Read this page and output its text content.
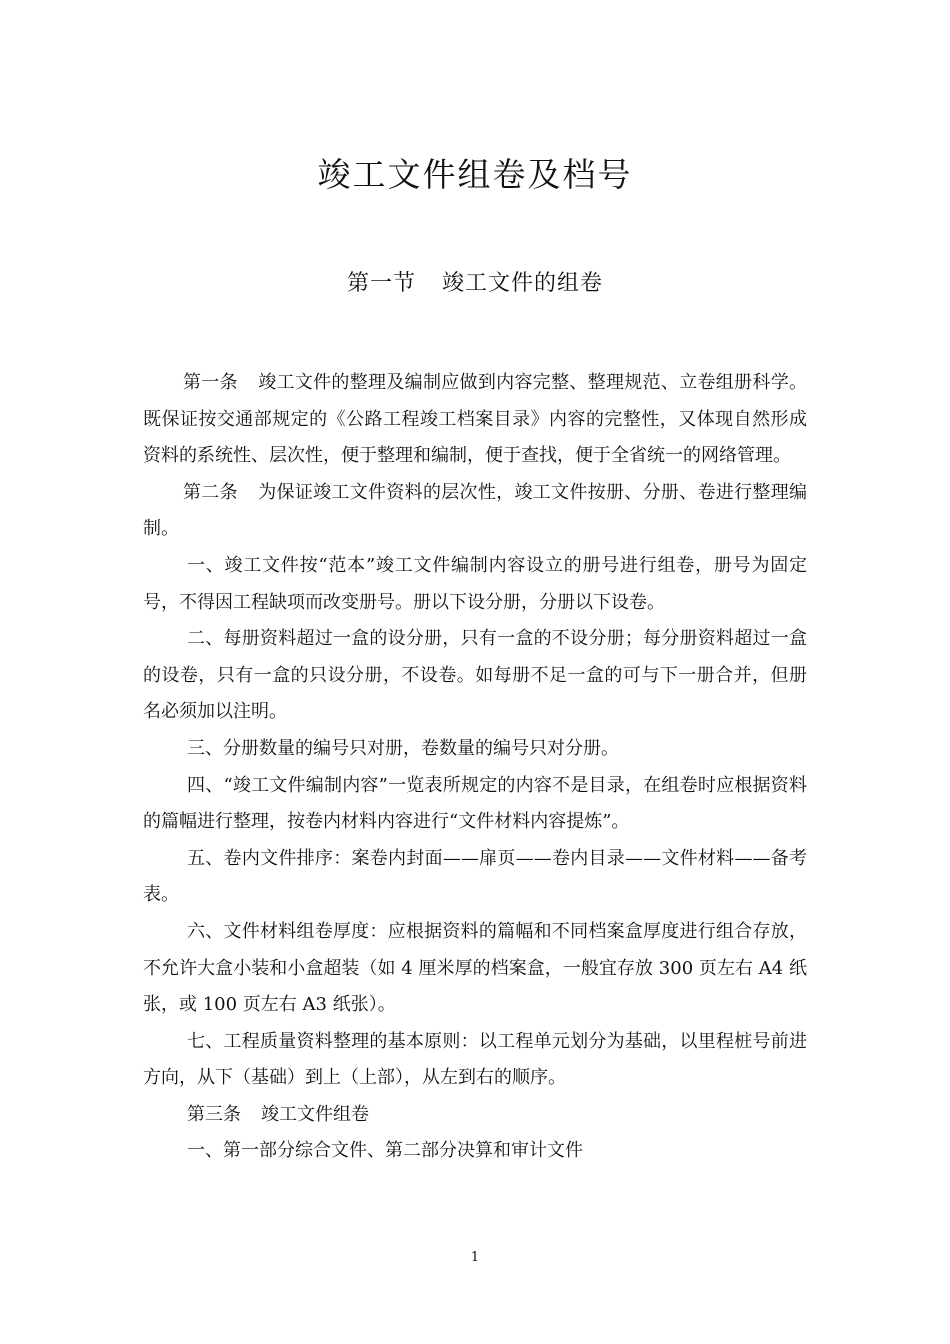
竣工文件组卷及档号
第一节 竣工文件的组卷

第一条 竣工文件的整理及编制应做到内容完整、整理规范、立卷组册科学。既保证按交通部规定的《公路工程竣工档案目录》内容的完整性，又体现自然形成资料的系统性、层次性，便于整理和编制，便于查找，便于全省统一的网络管理。

第二条 为保证竣工文件资料的层次性，竣工文件按册、分册、卷进行整理编制。

一、竣工文件按“范本”竣工文件编制内容设立的册号进行组卷，册号为固定号，不得因工程缺项而改变册号。册以下设分册，分册以下设卷。

二、每册资料超过一盒的设分册，只有一盒的不设分册；每分册资料超过一盒的设卷，只有一盒的只设分册，不设卷。如每册不足一盒的可与下一册合并，但册名必须加以注明。

三、分册数量的编号只对册，卷数量的编号只对分册。

四、“竣工文件编制内容”一览表所规定的内容不是目录，在组卷时应根据资料的篇幅进行整理，按卷内材料内容进行“文件材料内容提炼”。

五、卷内文件排序：案卷内封面——扉页——卷内目录——文件材料——备考表。

六、文件材料组卷厚度：应根据资料的篇幅和不同档案盒厚度进行组合存放，不允许大盒小装和小盒超装（如 4 厘米厚的档案盒，一般宜存放 300 页左右 A4 纸张，或 100 页左右 A3 纸张）。

七、工程质量资料整理的基本原则：以工程单元划分为基础，以里程桩号前进方向，从下（基础）到上（上部），从左到右的顺序。

第三条 竣工文件组卷

一、第一部分综合文件、第二部分决算和审计文件

1
